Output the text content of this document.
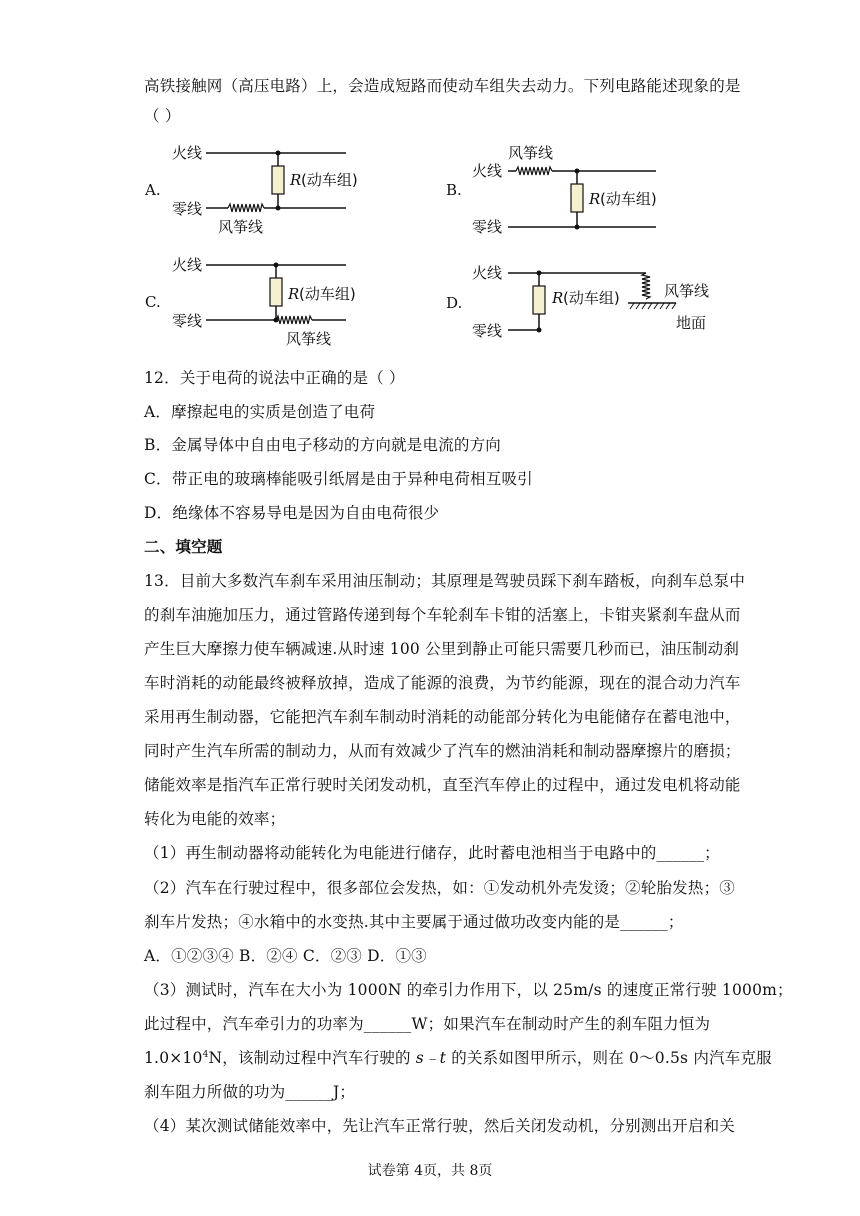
高铁接触网（高压电路）上，会造成短路而使动车组失去动力。下列电路能述现象的是
（ ）
A.
火线
零线
R (动车组)
风筝线
B.
风筝线
火线
零线
R (动车组)
C.
火线
零线
R (动车组)
风筝线
D.
火线
零线
R (动车组)	风筝线
地面
12．关于电荷的说法中正确的是（ ）
A．摩擦起电的实质是创造了电荷
B．金属导体中自由电子移动的方向就是电流的方向
C．带正电的玻璃棒能吸引纸屑是由于异种电荷相互吸引
D．绝缘体不容易导电是因为自由电荷很少
二、填空题
13．目前大多数汽车刹车采用油压制动；其原理是驾驶员踩下刹车踏板，向刹车总泵中
的刹车油施加压力，通过管路传递到每个车轮刹车卡钳的活塞上，卡钳夹紧刹车盘从而
产生巨大摩擦力使车辆减速.从时速 100 公里到静止可能只需要几秒而已，油压制动刹
车时消耗的动能最终被释放掉，造成了能源的浪费，为节约能源，现在的混合动力汽车
采用再生制动器，它能把汽车刹车制动时消耗的动能部分转化为电能储存在蓄电池中，
同时产生汽车所需的制动力，从而有效减少了汽车的燃油消耗和制动器摩擦片的磨损；
储能效率是指汽车正常行驶时关闭发动机，直至汽车停止的过程中，通过发电机将动能
转化为电能的效率；
（1）再生制动器将动能转化为电能进行储存，此时蓄电池相当于电路中的______；
（2）汽车在行驶过程中，很多部位会发热，如：①发动机外壳发烫；②轮胎发热；③
刹车片发热；④水箱中的水变热.其中主要属于通过做功改变内能的是______；
A．①②③④ B．②④ C．②③ D．①③
（3）测试时，汽车在大小为 1000N 的牵引力作用下，以 25m/s 的速度正常行驶 1000m；
此过程中，汽车牵引力的功率为______W；如果汽车在制动时产生的刹车阻力恒为
$1.0\times 10^4N$，该制动过程中汽车行驶的 s﹣t 的关系如图甲所示，则在 0～0.5s 内汽车克服
刹车阻力所做的功为______J；
（4）某次测试储能效率中，先让汽车正常行驶，然后关闭发动机，分别测出开启和关
试卷第 4页，共 8页
